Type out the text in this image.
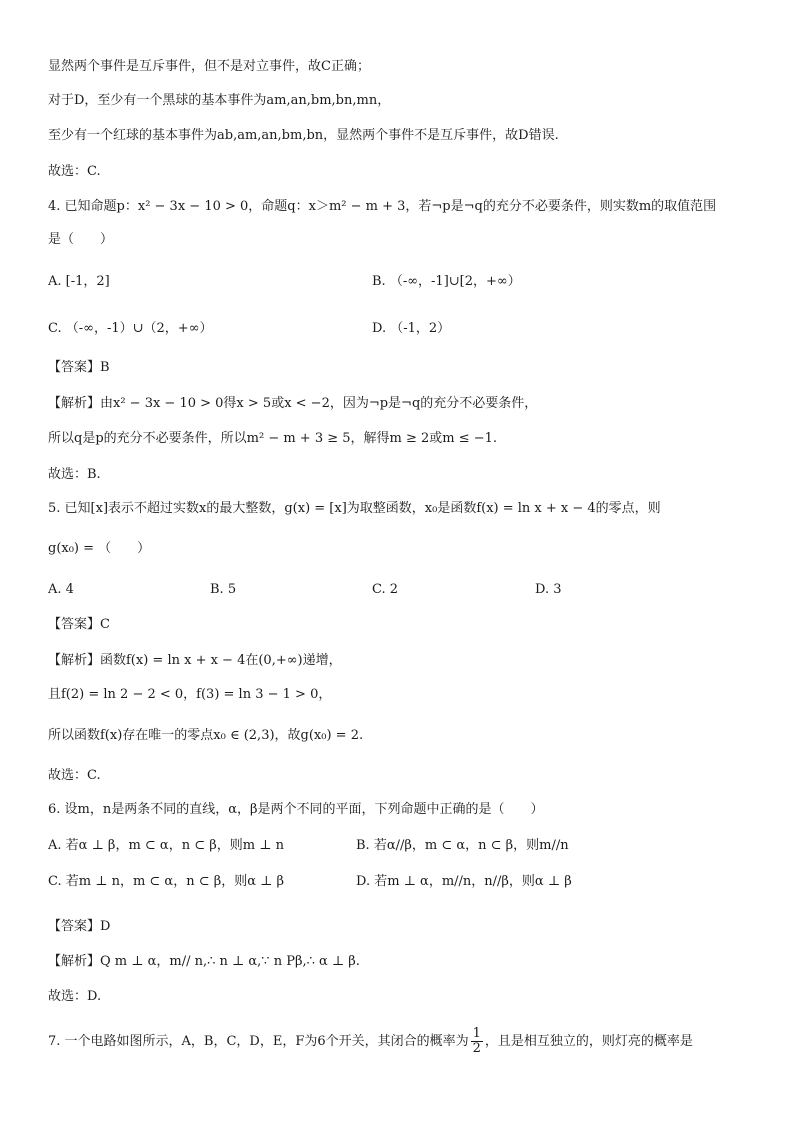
显然两个事件是互斥事件，但不是对立事件，故C正确；
对于D，至少有一个黑球的基本事件为am,an,bm,bn,mn，
至少有一个红球的基本事件为ab,am,an,bm,bn，显然两个事件不是互斥事件，故D错误.
故选：C.
4. 已知命题p：x² − 3x − 10 > 0，命题q：x＞m² − m + 3，若¬p是¬q的充分不必要条件，则实数m的取值范围
是（　　）
A. [-1，2]	B. （-∞，-1]∪[2，+∞）
C. （-∞，-1）∪（2，+∞）	D. （-1，2）
【答案】B
【解析】由x² − 3x − 10 > 0得x > 5或x < −2，因为¬p是¬q的充分不必要条件，
所以q是p的充分不必要条件，所以m² − m + 3 ≥ 5，解得m ≥ 2或m ≤ −1.
故选：B.
5. 已知[x]表示不超过实数x的最大整数，g(x) = [x]为取整函数，x₀是函数f(x) = ln x + x − 4的零点，则
g(x₀) = （　　）
A. 4	B. 5	C. 2	D. 3
【答案】C
【解析】函数f(x) = ln x + x − 4在(0,+∞)递增，
且f(2) = ln 2 − 2 < 0，f(3) = ln 3 − 1 > 0，
所以函数f(x)存在唯一的零点x₀ ∈ (2,3)，故g(x₀) = 2.
故选：C.
6. 设m，n是两条不同的直线，α，β是两个不同的平面，下列命题中正确的是（　　）
A. 若α ⊥ β，m ⊂ α，n ⊂ β，则m ⊥ n	B. 若α//β，m ⊂ α，n ⊂ β，则m//n
C. 若m ⊥ n，m ⊂ α，n ⊂ β，则α ⊥ β	D. 若m ⊥ α，m//n，n//β，则α ⊥ β
【答案】D
【解析】Q m ⊥ α，m// n,∴ n ⊥ α,∵ n Pβ,∴ α ⊥ β.
故选：D.
7. 一个电路如图所示，A，B，C，D，E，F为6个开关，其闭合的概率为 $\frac{1}{2}$ ，且是相互独立的，则灯亮的概率是
